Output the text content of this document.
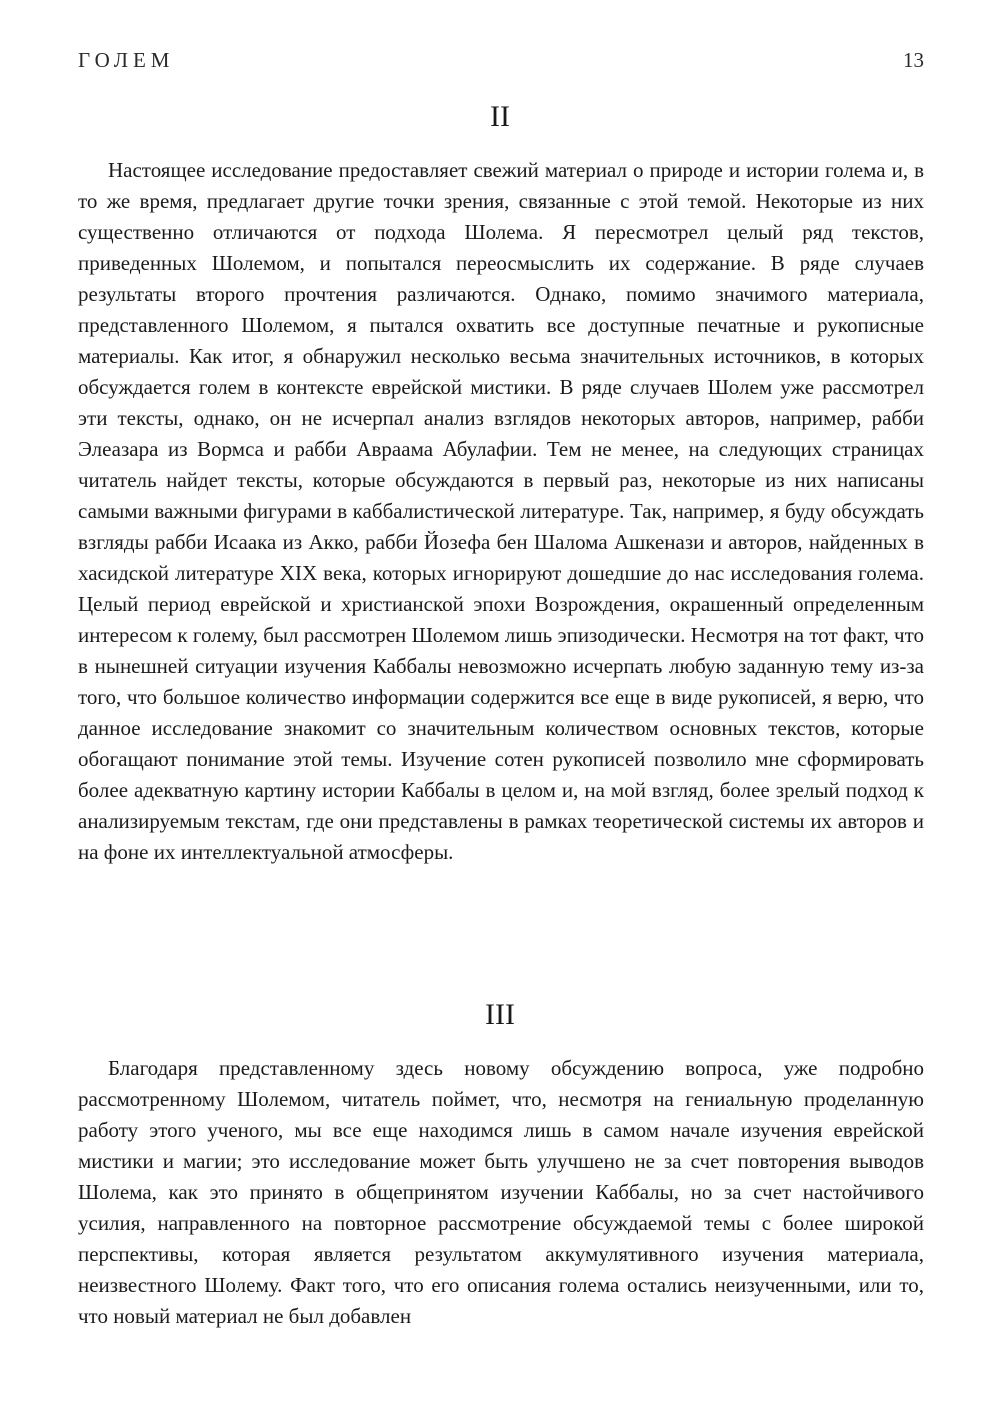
ГОЛЕМ	13
II

Настоящее исследование предоставляет свежий материал о природе и истории голема и, в то же время, предлагает другие точки зрения, связанные с этой темой. Некоторые из них существенно отличаются от подхода Шолема. Я пересмотрел целый ряд текстов, приведенных Шолемом, и попытался переосмыслить их содержание. В ряде случаев результаты второго прочтения различаются. Однако, помимо значимого материала, представленного Шолемом, я пытался охватить все доступные печатные и рукописные материалы. Как итог, я обнаружил несколько весьма значительных источников, в которых обсуждается голем в контексте еврейской мистики. В ряде случаев Шолем уже рассмотрел эти тексты, однако, он не исчерпал анализ взглядов некоторых авторов, например, рабби Элеазара из Вормса и рабби Авраама Абулафии. Тем не менее, на следующих страницах читатель найдет тексты, которые обсуждаются в первый раз, некоторые из них написаны самыми важными фигурами в каббалистической литературе. Так, например, я буду обсуждать взгляды рабби Исаака из Акко, рабби Йозефа бен Шалома Ашкенази и авторов, найденных в хасидской литературе XIX века, которых игнорируют дошедшие до нас исследования голема. Целый период еврейской и христианской эпохи Возрождения, окрашенный определенным интересом к голему, был рассмотрен Шолемом лишь эпизодически. Несмотря на тот факт, что в нынешней ситуации изучения Каббалы невозможно исчерпать любую заданную тему из-за того, что большое количество информации содержится все еще в виде рукописей, я верю, что данное исследование знакомит со значительным количеством основных текстов, которые обогащают понимание этой темы. Изучение сотен рукописей позволило мне сформировать более адекватную картину истории Каббалы в целом и, на мой взгляд, более зрелый подход к анализируемым текстам, где они представлены в рамках теоретической системы их авторов и на фоне их интеллектуальной атмосферы.

III

Благодаря представленному здесь новому обсуждению вопроса, уже подробно рассмотренному Шолемом, читатель поймет, что, несмотря на гениальную проделанную работу этого ученого, мы все еще находимся лишь в самом начале изучения еврейской мистики и магии; это исследование может быть улучшено не за счет повторения выводов Шолема, как это принято в общепринятом изучении Каббалы, но за счет настойчивого усилия, направленного на повторное рассмотрение обсуждаемой темы с более широкой перспективы, которая является результатом аккумулятивного изучения материала, неизвестного Шолему. Факт того, что его описания голема остались неизученными, или то, что новый материал не был добавлен
